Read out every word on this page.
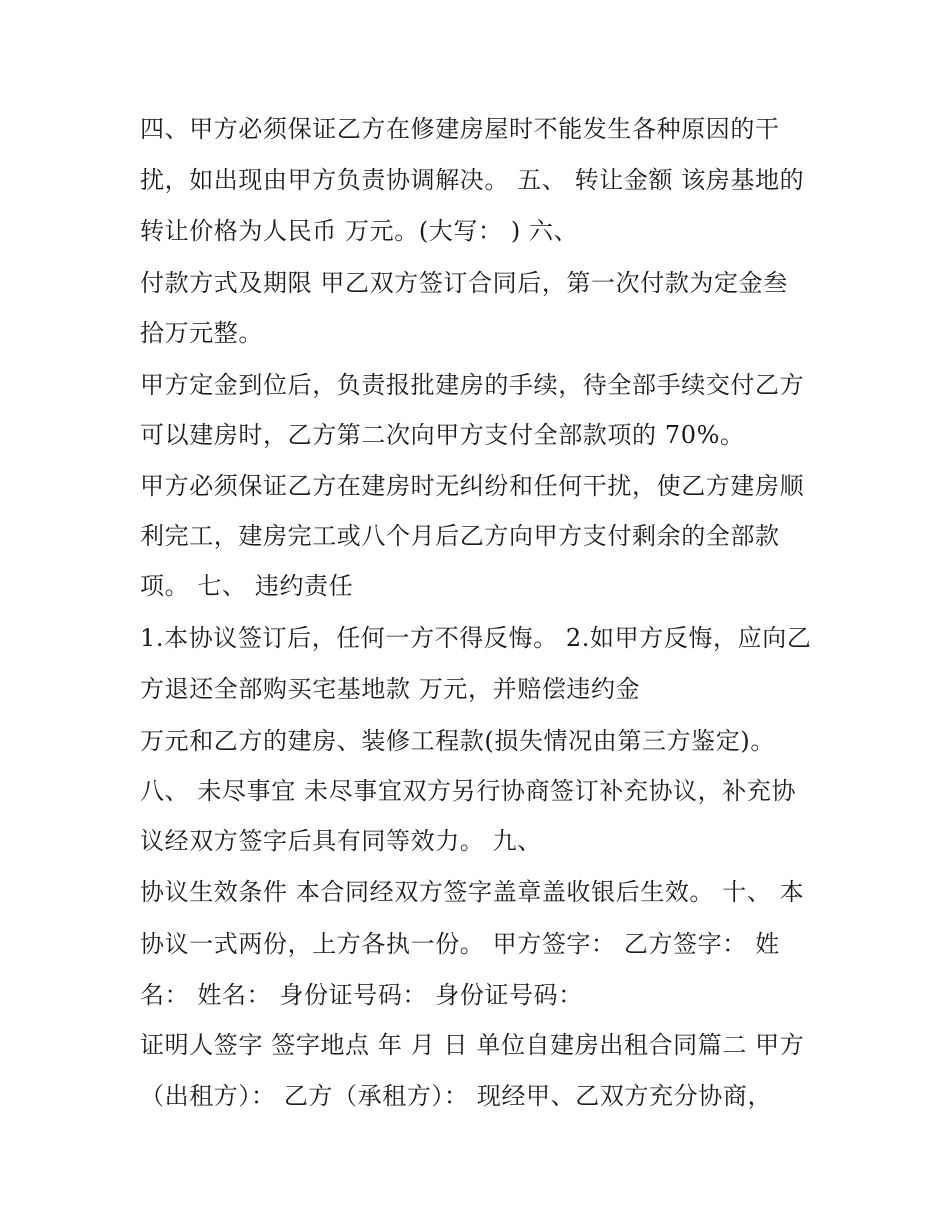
四、甲方必须保证乙方在修建房屋时不能发生各种原因的干
扰，如出现由甲方负责协调解决。 五、 转让金额 该房基地的
转让价格为人民币 万元。(大写： ) 六、
付款方式及期限 甲乙双方签订合同后，第一次付款为定金叁
拾万元整。
甲方定金到位后，负责报批建房的手续，待全部手续交付乙方
可以建房时，乙方第二次向甲方支付全部款项的 70%。
甲方必须保证乙方在建房时无纠纷和任何干扰，使乙方建房顺
利完工，建房完工或八个月后乙方向甲方支付剩余的全部款
项。 七、 违约责任
1.本协议签订后，任何一方不得反悔。 2.如甲方反悔，应向乙
方退还全部购买宅基地款 万元，并赔偿违约金
万元和乙方的建房、装修工程款(损失情况由第三方鉴定)。
八、 未尽事宜 未尽事宜双方另行协商签订补充协议，补充协
议经双方签字后具有同等效力。 九、
协议生效条件 本合同经双方签字盖章盖收银后生效。 十、 本
协议一式两份，上方各执一份。 甲方签字： 乙方签字： 姓
名： 姓名： 身份证号码： 身份证号码：
证明人签字 签字地点 年 月 日 单位自建房出租合同篇二 甲方
（出租方）： 乙方（承租方）： 现经甲、乙双方充分协商，
